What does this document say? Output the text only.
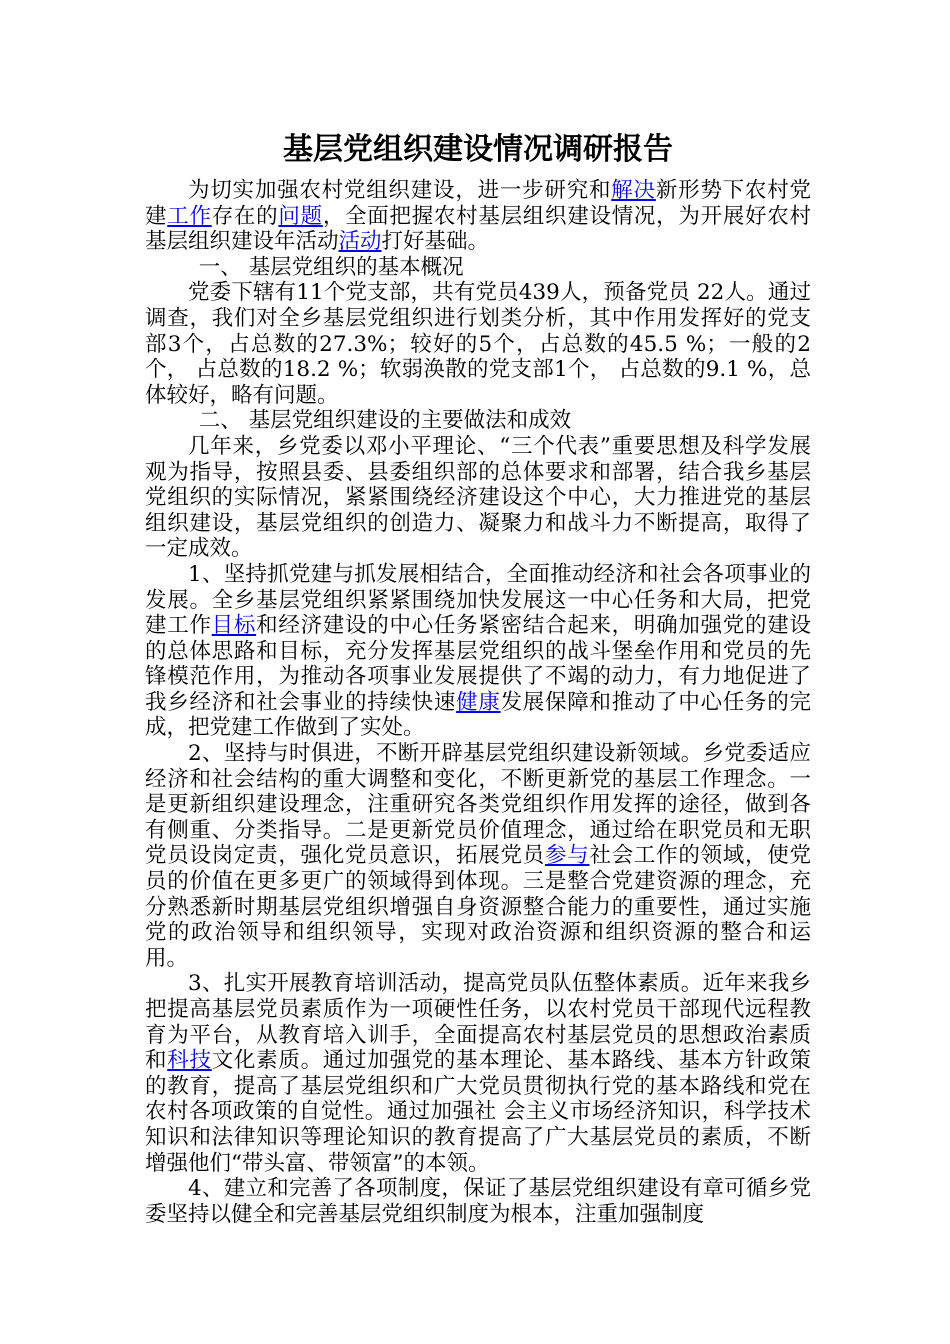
基层党组织建设情况调研报告

为切实加强农村党组织建设，进一步研究和解决新形势下农村党建工作存在的问题，全面把握农村基层组织建设情况，为开展好农村基层组织建设年活动活动打好基础。

一、 基层党组织的基本概况

党委下辖有11个党支部，共有党员439人，预备党员 22人。通过调查，我们对全乡基层党组织进行划类分析，其中作用发挥好的党支部3个，占总数的27.3%；较好的5个，占总数的45.5 %；一般的2个， 占总数的18.2 %；软弱涣散的党支部1个， 占总数的9.1 %，总体较好，略有问题。

二、 基层党组织建设的主要做法和成效

几年来，乡党委以邓小平理论、“三个代表”重要思想及科学发展观为指导，按照县委、县委组织部的总体要求和部署，结合我乡基层党组织的实际情况，紧紧围绕经济建设这个中心，大力推进党的基层组织建设，基层党组织的创造力、凝聚力和战斗力不断提高，取得了一定成效。

1、坚持抓党建与抓发展相结合，全面推动经济和社会各项事业的发展。全乡基层党组织紧紧围绕加快发展这一中心任务和大局，把党建工作目标和经济建设的中心任务紧密结合起来，明确加强党的建设的总体思路和目标，充分发挥基层党组织的战斗堡垒作用和党员的先锋模范作用，为推动各项事业发展提供了不竭的动力，有力地促进了我乡经济和社会事业的持续快速健康发展保障和推动了中心任务的完成，把党建工作做到了实处。

2、坚持与时俱进，不断开辟基层党组织建设新领域。乡党委适应经济和社会结构的重大调整和变化，不断更新党的基层工作理念。一是更新组织建设理念，注重研究各类党组织作用发挥的途径，做到各有侧重、分类指导。二是更新党员价值理念，通过给在职党员和无职党员设岗定责，强化党员意识，拓展党员参与社会工作的领域，使党员的价值在更多更广的领域得到体现。三是整合党建资源的理念，充分熟悉新时期基层党组织增强自身资源整合能力的重要性，通过实施党的政治领导和组织领导，实现对政治资源和组织资源的整合和运用。

3、扎实开展教育培训活动，提高党员队伍整体素质。近年来我乡把提高基层党员素质作为一项硬性任务，以农村党员干部现代远程教育为平台，从教育培入训手，全面提高农村基层党员的思想政治素质和科技文化素质。通过加强党的基本理论、基本路线、基本方针政策的教育，提高了基层党组织和广大党员贯彻执行党的基本路线和党在农村各项政策的自觉性。通过加强社 会主义市场经济知识，科学技术知识和法律知识等理论知识的教育提高了广大基层党员的素质，不断增强他们“带头富、带领富”的本领。

4、建立和完善了各项制度，保证了基层党组织建设有章可循乡党委坚持以健全和完善基层党组织制度为根本，注重加强制度
